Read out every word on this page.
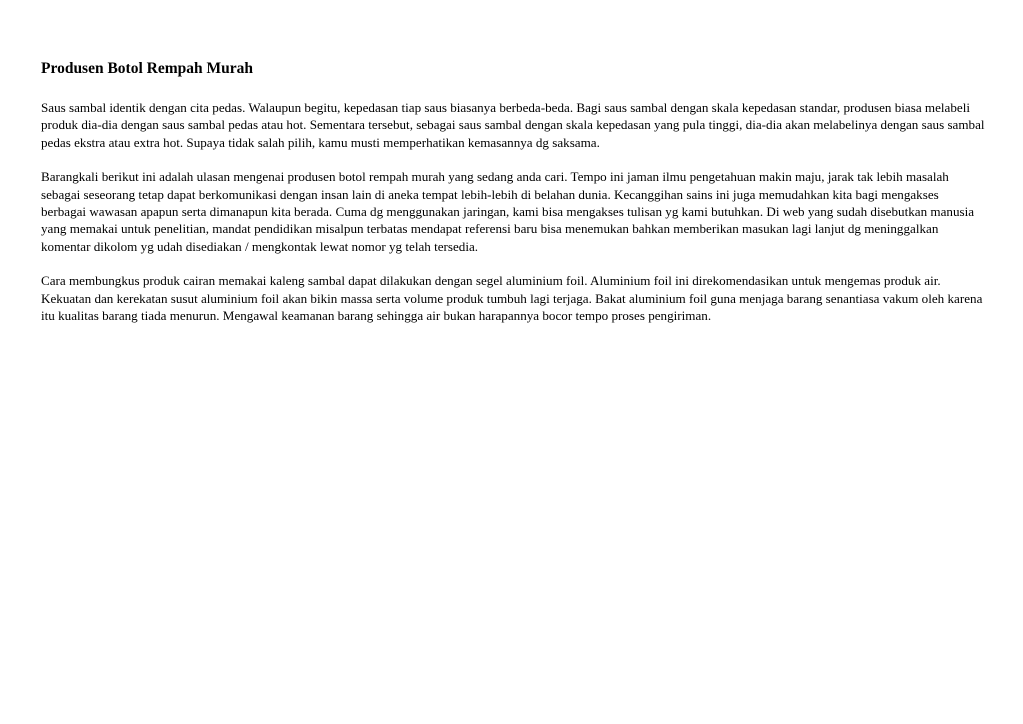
Produsen Botol Rempah Murah

Saus sambal identik dengan cita pedas. Walaupun begitu, kepedasan tiap saus biasanya berbeda-beda. Bagi saus sambal dengan skala kepedasan standar, produsen biasa melabeli produk dia-dia dengan saus sambal pedas atau hot. Sementara tersebut, sebagai saus sambal dengan skala kepedasan yang pula tinggi, dia-dia akan melabelinya dengan saus sambal pedas ekstra atau extra hot. Supaya tidak salah pilih, kamu musti memperhatikan kemasannya dg saksama.

Barangkali berikut ini adalah ulasan mengenai produsen botol rempah murah yang sedang anda cari. Tempo ini jaman ilmu pengetahuan makin maju, jarak tak lebih masalah sebagai seseorang tetap dapat berkomunikasi dengan insan lain di aneka tempat lebih-lebih di belahan dunia. Kecanggihan sains ini juga memudahkan kita bagi mengakses berbagai wawasan apapun serta dimanapun kita berada. Cuma dg menggunakan jaringan, kami bisa mengakses tulisan yg kami butuhkan. Di web yang sudah disebutkan manusia yang memakai untuk penelitian, mandat pendidikan misalpun terbatas mendapat referensi baru bisa menemukan bahkan memberikan masukan lagi lanjut dg meninggalkan komentar dikolom yg udah disediakan / mengkontak lewat nomor yg telah tersedia.

Cara membungkus produk cairan memakai kaleng sambal dapat dilakukan dengan segel aluminium foil. Aluminium foil ini direkomendasikan untuk mengemas produk air. Kekuatan dan kerekatan susut aluminium foil akan bikin massa serta volume produk tumbuh lagi terjaga. Bakat aluminium foil guna menjaga barang senantiasa vakum oleh karena itu kualitas barang tiada menurun. Mengawal keamanan barang sehingga air bukan harapannya bocor tempo proses pengiriman.
